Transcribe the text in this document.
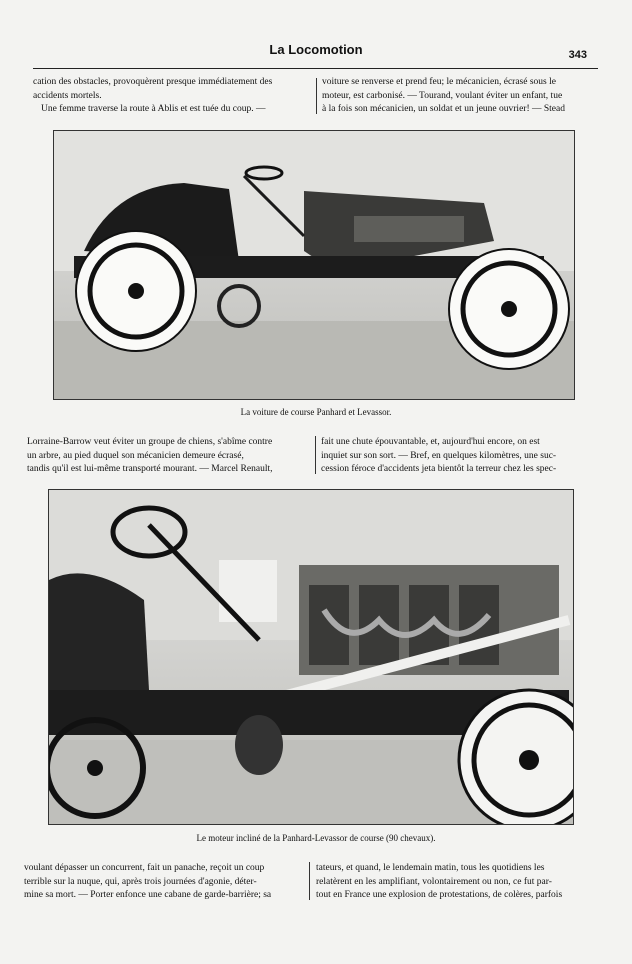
La Locomotion	343

cation des obstacles, provoquèrent presque immédiatement des

accidents mortels.

Une femme traverse la route à Ablis et est tuée du coup. —

voiture se renverse et prend feu; le mécanicien, écrasé sous le

moteur, est carbonisé. — Tourand, voulant éviter un enfant, tue

à la fois son mécanicien, un soldat et un jeune ouvrier! — Stead

La voiture de course Panhard et Levassor.

Lorraine-Barrow veut éviter un groupe de chiens, s'abîme contre

un arbre, au pied duquel son mécanicien demeure écrasé,

tandis qu'il est lui-même transporté mourant. — Marcel Renault,

fait une chute épouvantable, et, aujourd'hui encore, on est

inquiet sur son sort. — Bref, en quelques kilomètres, une suc-

cession féroce d'accidents jeta bientôt la terreur chez les spec-

Le moteur incliné de la Panhard-Levassor de course (90 chevaux).

voulant dépasser un concurrent, fait un panache, reçoit un coup

terrible sur la nuque, qui, après trois journées d'agonie, déter-

mine sa mort. — Porter enfonce une cabane de garde-barrière; sa

tateurs, et quand, le lendemain matin, tous les quotidiens les

relatèrent en les amplifiant, volontairement ou non, ce fut par-

tout en France une explosion de protestations, de colères, parfois
